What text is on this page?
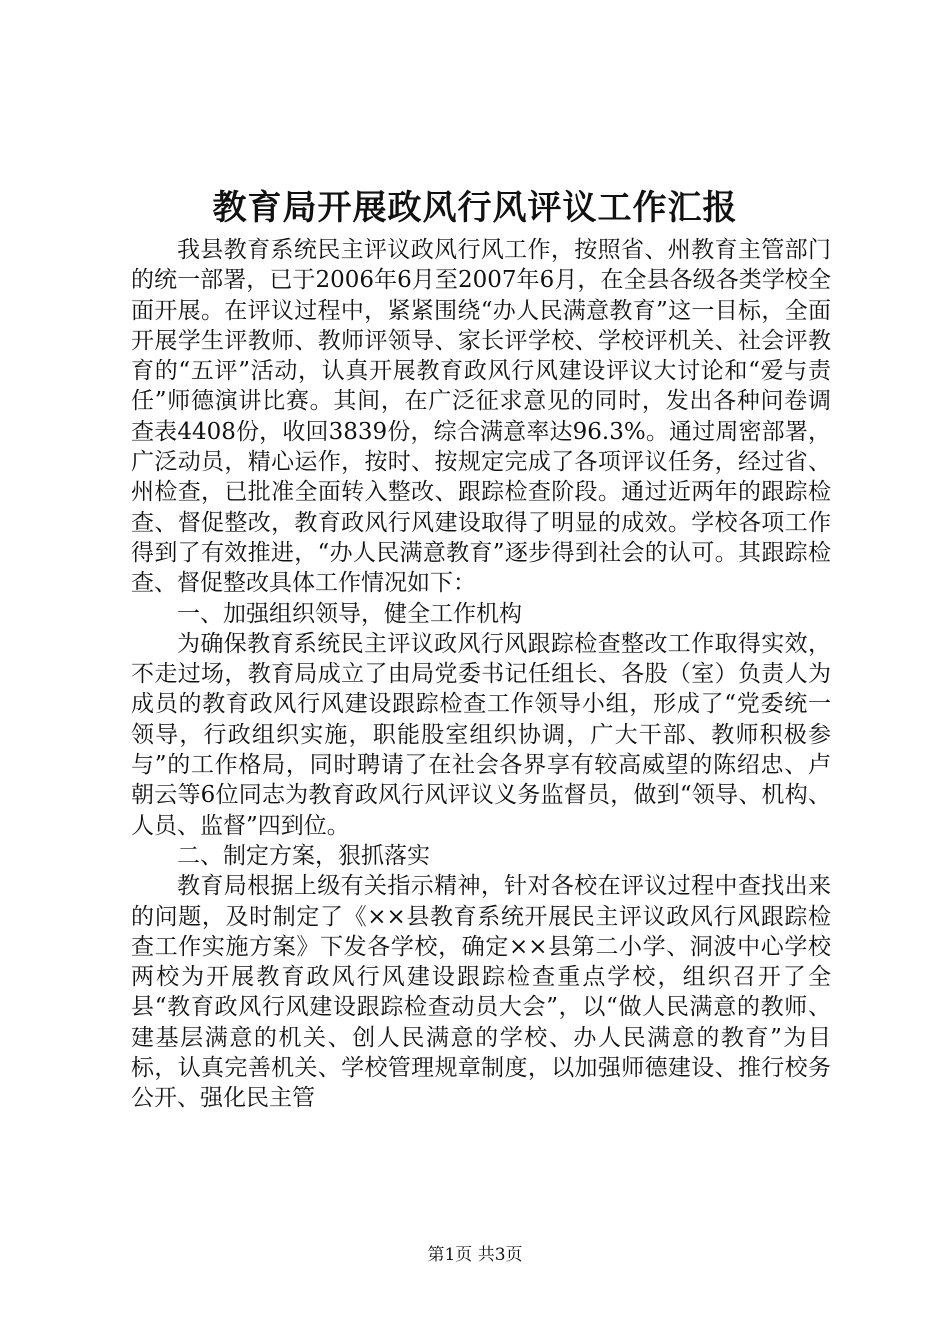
教育局开展政风行风评议工作汇报

我县教育系统民主评议政风行风工作，按照省、州教育主管部门的统一部署，已于2006年6月至2007年6月，在全县各级各类学校全面开展。在评议过程中，紧紧围绕“办人民满意教育”这一目标，全面开展学生评教师、教师评领导、家长评学校、学校评机关、社会评教育的“五评”活动，认真开展教育政风行风建设评议大讨论和“爱与责任”师德演讲比赛。其间，在广泛征求意见的同时，发出各种问卷调查表4408份，收回3839份，综合满意率达96.3%。通过周密部署，广泛动员，精心运作，按时、按规定完成了各项评议任务，经过省、州检查，已批准全面转入整改、跟踪检查阶段。通过近两年的跟踪检查、督促整改，教育政风行风建设取得了明显的成效。学校各项工作得到了有效推进，“办人民满意教育”逐步得到社会的认可。其跟踪检查、督促整改具体工作情况如下：

一、加强组织领导，健全工作机构

为确保教育系统民主评议政风行风跟踪检查整改工作取得实效，不走过场，教育局成立了由局党委书记任组长、各股（室）负责人为成员的教育政风行风建设跟踪检查工作领导小组，形成了“党委统一领导，行政组织实施，职能股室组织协调，广大干部、教师积极参与”的工作格局，同时聘请了在社会各界享有较高威望的陈绍忠、卢朝云等6位同志为教育政风行风评议义务监督员，做到“领导、机构、人员、监督”四到位。

二、制定方案，狠抓落实

教育局根据上级有关指示精神，针对各校在评议过程中查找出来的问题，及时制定了《××县教育系统开展民主评议政风行风跟踪检查工作实施方案》下发各学校，确定××县第二小学、洞波中心学校两校为开展教育政风行风建设跟踪检查重点学校，组织召开了全县“教育政风行风建设跟踪检查动员大会”，以“做人民满意的教师、建基层满意的机关、创人民满意的学校、办人民满意的教育”为目标，认真完善机关、学校管理规章制度，以加强师德建设、推行校务公开、强化民主管

第1页 共3页
